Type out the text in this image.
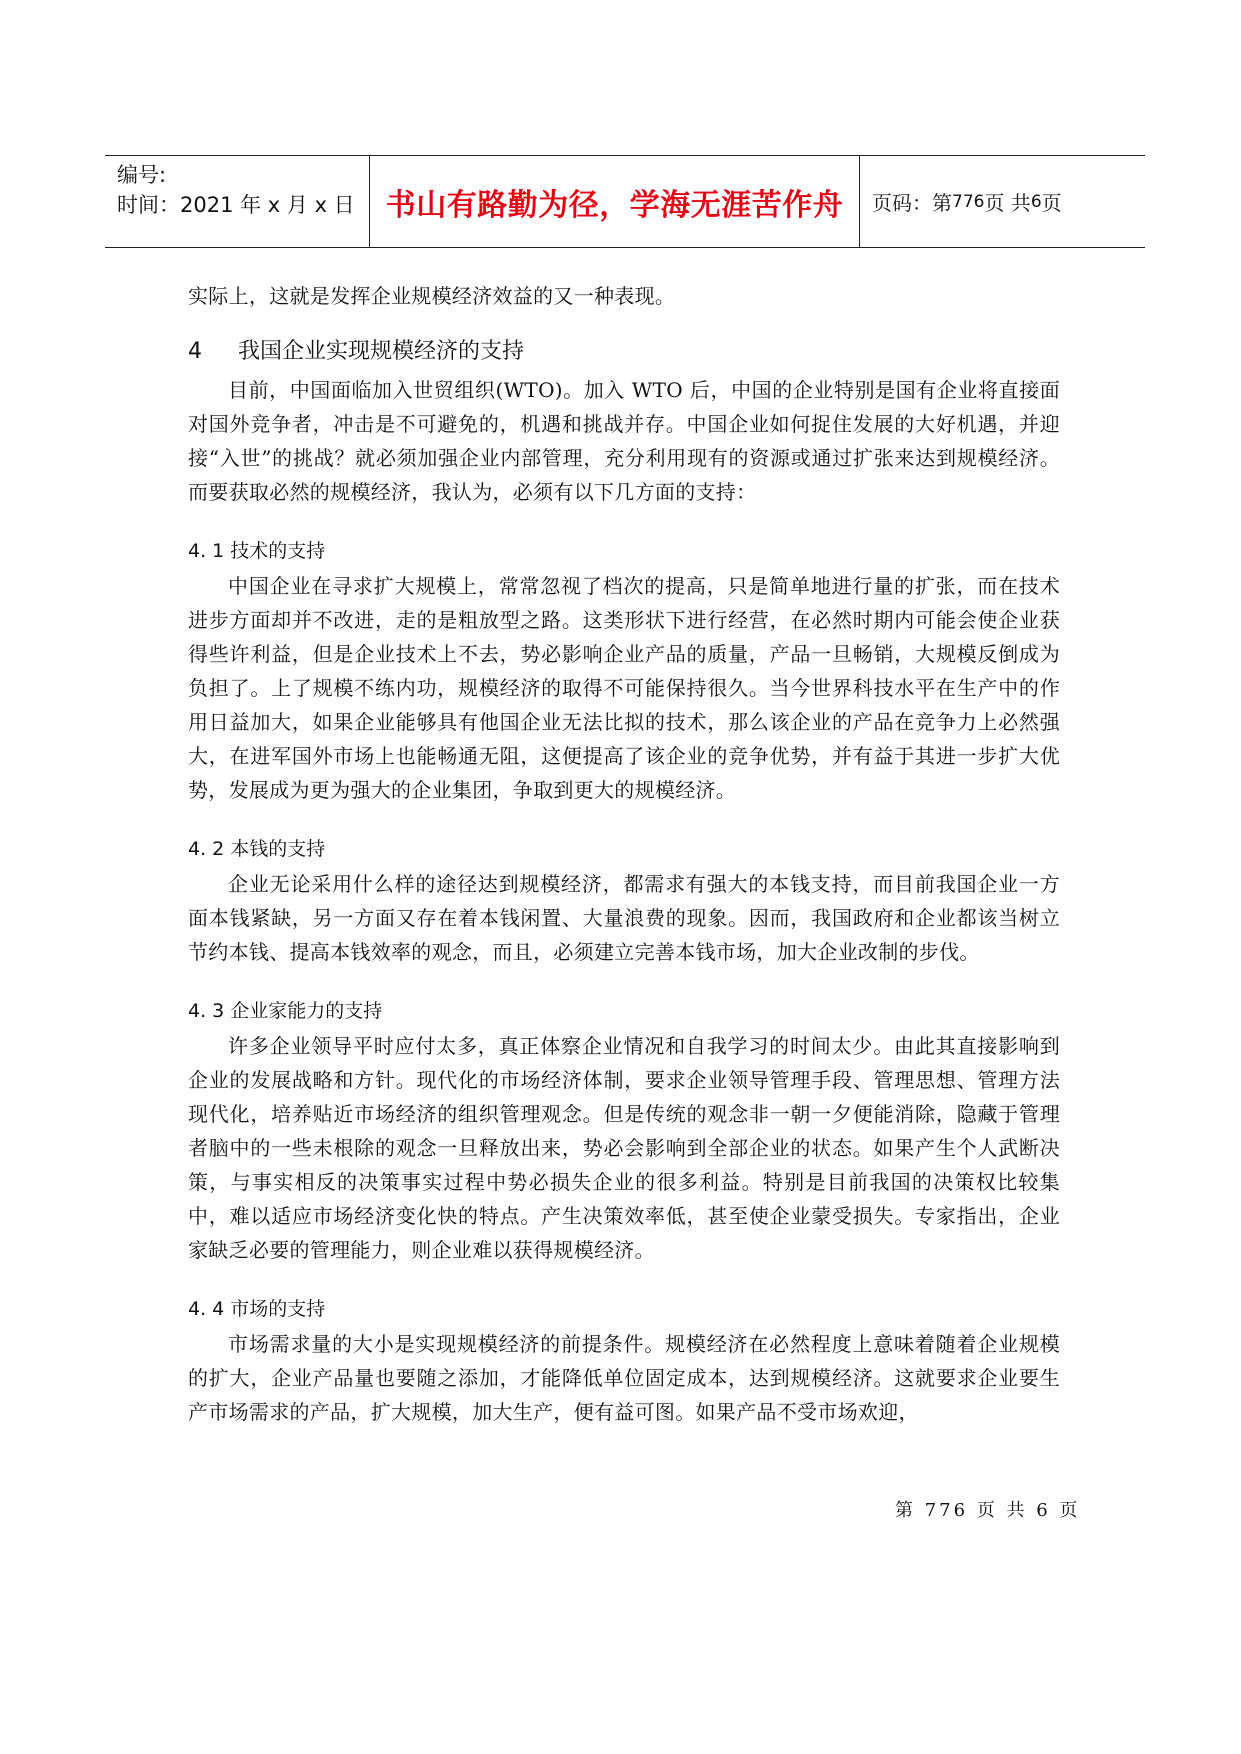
编号:
时间：2021 年 x 月 x 日	书山有路勤为径，学海无涯苦作舟	页码：第 776 页 共 6 页

实际上，这就是发挥企业规模经济效益的又一种表现。

4 我国企业实现规模经济的支持

目前，中国面临加入世贸组织(WTO)。加入 WTO 后，中国的企业特别是国有企业将直接面对国外竞争者，冲击是不可避免的，机遇和挑战并存。中国企业如何捉住发展的大好机遇，并迎接“入世”的挑战？就必须加强企业内部管理，充分利用现有的资源或通过扩张来达到规模经济。而要获取必然的规模经济，我认为，必须有以下几方面的支持：

4. 1 技术的支持

中国企业在寻求扩大规模上，常常忽视了档次的提高，只是简单地进行量的扩张，而在技术进步方面却并不改进，走的是粗放型之路。这类形状下进行经营，在必然时期内可能会使企业获得些许利益，但是企业技术上不去，势必影响企业产品的质量，产品一旦畅销，大规模反倒成为负担了。上了规模不练内功，规模经济的取得不可能保持很久。当今世界科技水平在生产中的作用日益加大，如果企业能够具有他国企业无法比拟的技术，那么该企业的产品在竞争力上必然强大，在进军国外市场上也能畅通无阻，这便提高了该企业的竞争优势，并有益于其进一步扩大优势，发展成为更为强大的企业集团，争取到更大的规模经济。

4. 2 本钱的支持

企业无论采用什么样的途径达到规模经济，都需求有强大的本钱支持，而目前我国企业一方面本钱紧缺，另一方面又存在着本钱闲置、大量浪费的现象。因而，我国政府和企业都该当树立节约本钱、提高本钱效率的观念，而且，必须建立完善本钱市场，加大企业改制的步伐。

4. 3 企业家能力的支持

许多企业领导平时应付太多，真正体察企业情况和自我学习的时间太少。由此其直接影响到企业的发展战略和方针。现代化的市场经济体制，要求企业领导管理手段、管理思想、管理方法现代化，培养贴近市场经济的组织管理观念。但是传统的观念非一朝一夕便能消除，隐藏于管理者脑中的一些未根除的观念一旦释放出来，势必会影响到全部企业的状态。如果产生个人武断决策，与事实相反的决策事实过程中势必损失企业的很多利益。特别是目前我国的决策权比较集中，难以适应市场经济变化快的特点。产生决策效率低，甚至使企业蒙受损失。专家指出，企业家缺乏必要的管理能力，则企业难以获得规模经济。

4. 4 市场的支持

市场需求量的大小是实现规模经济的前提条件。规模经济在必然程度上意味着随着企业规模的扩大，企业产品量也要随之添加，才能降低单位固定成本，达到规模经济。这就要求企业要生产市场需求的产品，扩大规模，加大生产，便有益可图。如果产品不受市场欢迎，

第 776 页 共 6 页
